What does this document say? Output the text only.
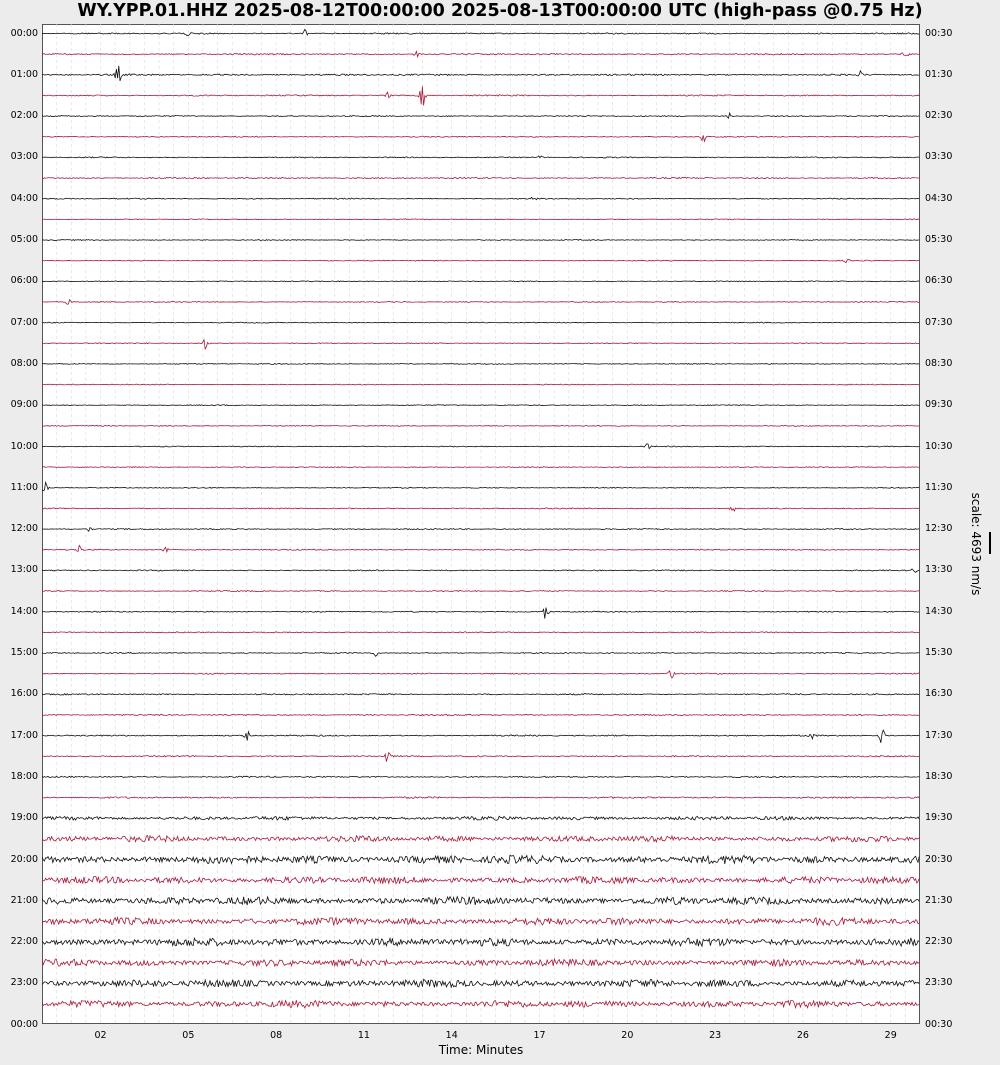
WY.YPP.01.HHZ 2025-08-12T00:00:00 2025-08-13T00:00:00 UTC (high-pass @0.75 Hz)
00:00
01:00
02:00
03:00
04:00
05:00
06:00
07:00
08:00
09:00
10:00
11:00
12:00
13:00
14:00
15:00
16:00
17:00
18:00
19:00
20:00
21:00
22:00
23:00
00:00
00:30
01:30
02:30
03:30
04:30
05:30
06:30
07:30
08:30
09:30
10:30
11:30
12:30
13:30
14:30
15:30
16:30
17:30
18:30
19:30
20:30
21:30
22:30
23:30
00:30
02	05	08	11	14	17	20	23	26	29
Time: Minutes
scale: 4693 nm/s
